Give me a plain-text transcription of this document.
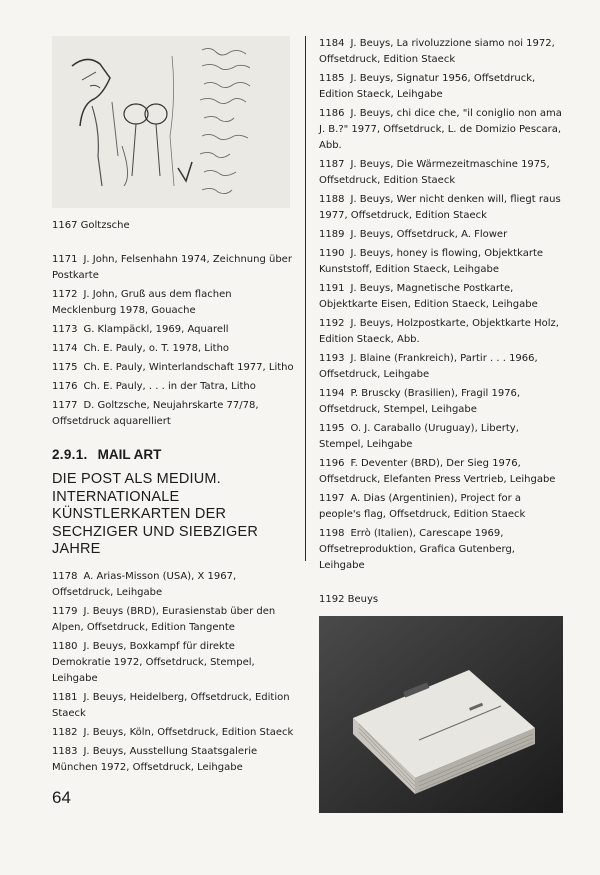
1167 Goltzsche
1171 J. John, Felsenhahn 1974, Zeichnung über Postkarte
1172 J. John, Gruß aus dem flachen Mecklenburg 1978, Gouache
1173 G. Klampäckl, 1969, Aquarell
1174 Ch. E. Pauly, o. T. 1978, Litho
1175 Ch. E. Pauly, Winterlandschaft 1977, Litho
1176 Ch. E. Pauly, . . . in der Tatra, Litho
1177 D. Goltzsche, Neujahrskarte 77/78, Offsetdruck aquarelliert
2.9.1. MAIL ART
DIE POST ALS MEDIUM. INTERNATIONALE KÜNSTLERKARTEN DER SECHZIGER UND SIEBZIGER JAHRE
1178 A. Arias-Misson (USA), X 1967, Offsetdruck, Leihgabe
1179 J. Beuys (BRD), Eurasienstab über den Alpen, Offsetdruck, Edition Tangente
1180 J. Beuys, Boxkampf für direkte Demokratie 1972, Offsetdruck, Stempel, Leihgabe
1181 J. Beuys, Heidelberg, Offsetdruck, Edition Staeck
1182 J. Beuys, Köln, Offsetdruck, Edition Staeck
1183 J. Beuys, Ausstellung Staatsgalerie München 1972, Offsetdruck, Leihgabe
1184 J. Beuys, La rivoluzzione siamo noi 1972, Offsetdruck, Edition Staeck
1185 J. Beuys, Signatur 1956, Offsetdruck, Edition Staeck, Leihgabe
1186 J. Beuys, chi dice che, "il coniglio non ama J. B.?" 1977, Offsetdruck, L. de Domizio Pescara, Abb.
1187 J. Beuys, Die Wärmezeitmaschine 1975, Offsetdruck, Edition Staeck
1188 J. Beuys, Wer nicht denken will, fliegt raus 1977, Offsetdruck, Edition Staeck
1189 J. Beuys, Offsetdruck, A. Flower
1190 J. Beuys, honey is flowing, Objektkarte Kunststoff, Edition Staeck, Leihgabe
1191 J. Beuys, Magnetische Postkarte, Objektkarte Eisen, Edition Staeck, Leihgabe
1192 J. Beuys, Holzpostkarte, Objektkarte Holz, Edition Staeck, Abb.
1193 J. Blaine (Frankreich), Partir . . . 1966, Offsetdruck, Leihgabe
1194 P. Bruscky (Brasilien), Fragil 1976, Offsetdruck, Stempel, Leihgabe
1195 O. J. Caraballo (Uruguay), Liberty, Stempel, Leihgabe
1196 F. Deventer (BRD), Der Sieg 1976, Offsetdruck, Elefanten Press Vertrieb, Leihgabe
1197 A. Dias (Argentinien), Project for a people's flag, Offsetdruck, Edition Staeck
1198 Errò (Italien), Carescape 1969, Offsetreproduktion, Grafica Gutenberg, Leihgabe
1192 Beuys
64
